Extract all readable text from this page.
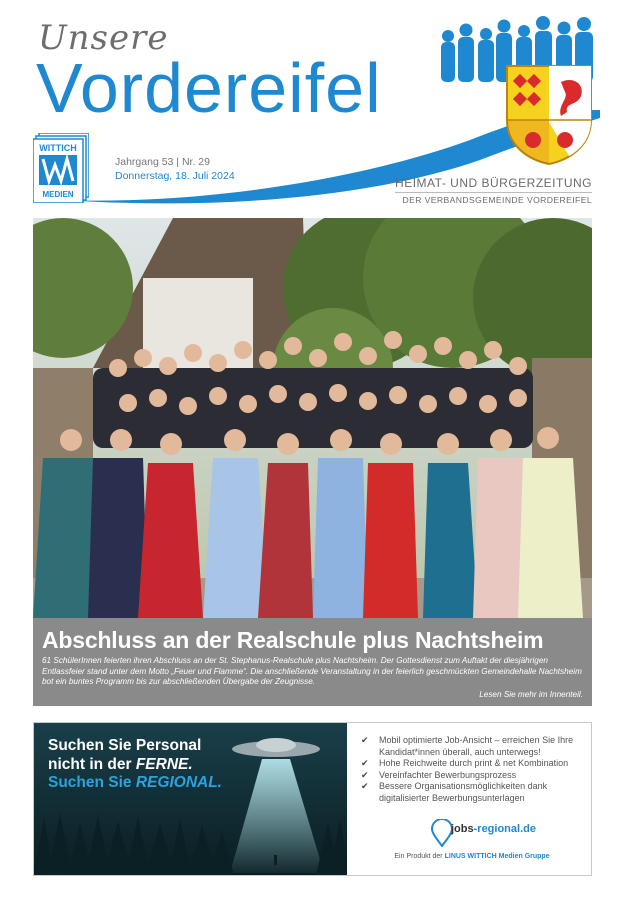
Unsere
Vordereifel
WITTICH
MEDIEN
Jahrgang 53 | Nr. 29
Donnerstag, 18. Juli 2024	HEIMAT- UND BÜRGERZEITUNG
DER VERBANDSGEMEINDE VORDEREIFEL
Abschluss an der Realschule plus Nachtsheim
61 SchülerInnen feierten ihren Abschluss an der St. Stephanus-Realschule plus Nachtsheim. Der Gottesdienst zum Auftakt der diesjährigen Entlassfeier stand unter dem Motto „Feuer und Flamme“. Die anschließende Veranstaltung in der feierlich geschmückten Gemeindehalle Nachtsheim bot ein buntes Programm bis zur abschließenden Übergabe der Zeugnisse.
Lesen Sie mehr im Innenteil.
Suchen Sie Personal
nicht in der FERNE.
Suchen Sie REGIONAL.
✔ Mobil optimierte Job-Ansicht – erreichen Sie Ihre Kandidat*innen überall, auch unterwegs!
✔ Hohe Reichweite durch print & net Kombination
✔ Vereinfachter Bewerbungsprozess
✔ Bessere Organisationsmöglichkeiten dank digitalisierter Bewerbungsunterlagen
jobs-regional.de
Ein Produkt der LINUS WITTICH Medien Gruppe
